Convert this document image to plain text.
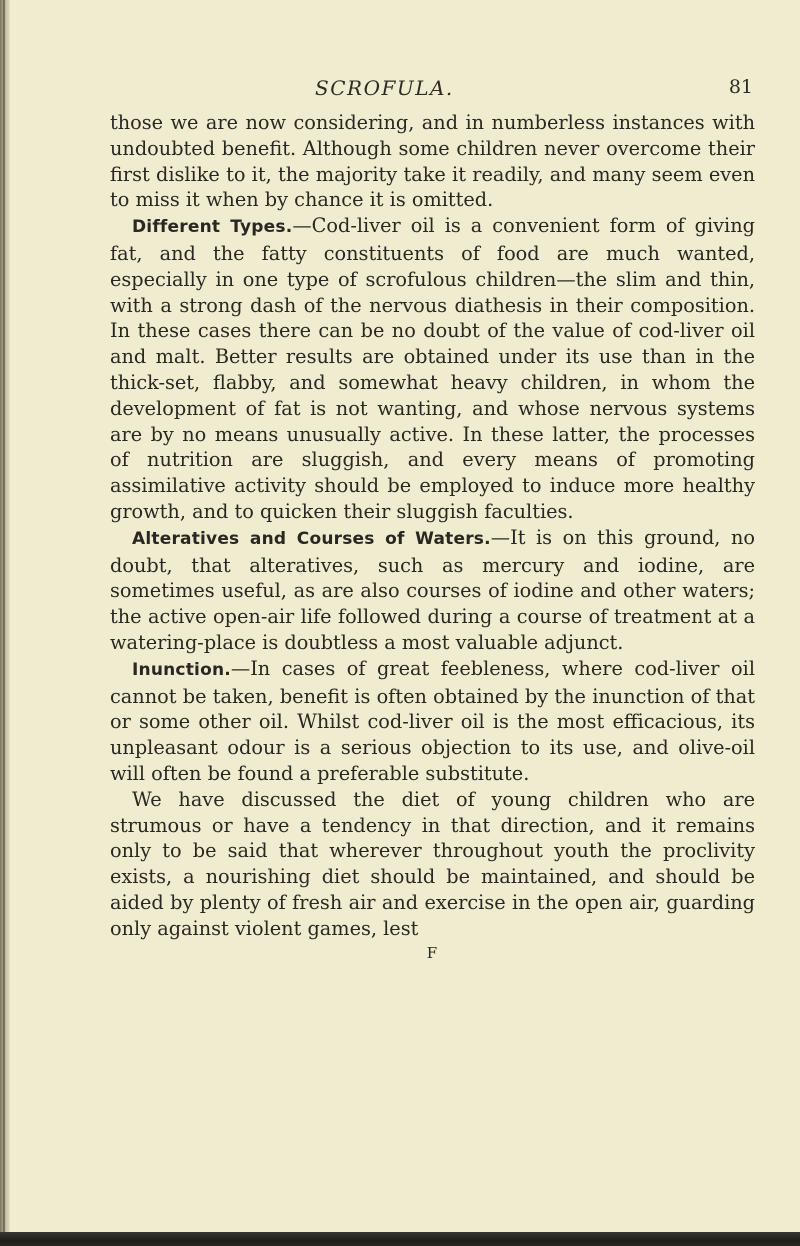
SCROFULA.	81

those we are now considering, and in numberless instances with undoubted benefit. Although some children never overcome their first dislike to it, the majority take it readily, and many seem even to miss it when by chance it is omitted.

Different Types.—Cod-liver oil is a convenient form of giving fat, and the fatty constituents of food are much wanted, especially in one type of scrofulous children—the slim and thin, with a strong dash of the nervous diathesis in their composition. In these cases there can be no doubt of the value of cod-liver oil and malt. Better results are obtained under its use than in the thick-set, flabby, and somewhat heavy children, in whom the development of fat is not wanting, and whose nervous systems are by no means unusually active. In these latter, the processes of nutrition are sluggish, and every means of promoting assimilative activity should be employed to induce more healthy growth, and to quicken their sluggish faculties.

Alteratives and Courses of Waters.—It is on this ground, no doubt, that alteratives, such as mercury and iodine, are sometimes useful, as are also courses of iodine and other waters; the active open-air life followed during a course of treatment at a watering-place is doubtless a most valuable adjunct.

Inunction.—In cases of great feebleness, where cod-liver oil cannot be taken, benefit is often obtained by the inunction of that or some other oil. Whilst cod-liver oil is the most efficacious, its unpleasant odour is a serious objection to its use, and olive-oil will often be found a preferable substitute.

We have discussed the diet of young children who are strumous or have a tendency in that direction, and it remains only to be said that wherever throughout youth the proclivity exists, a nourishing diet should be maintained, and should be aided by plenty of fresh air and exercise in the open air, guarding only against violent games, lest

F
